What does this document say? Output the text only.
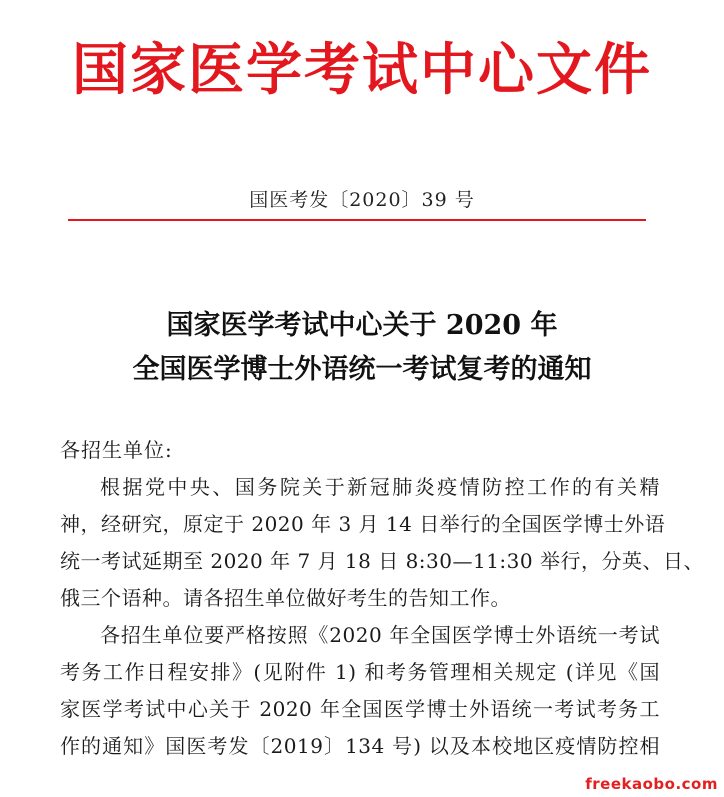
国家医学考试中心文件
国医考发〔2020〕39 号
国家医学考试中心关于 2020 年
全国医学博士外语统一考试复考的通知
各招生单位:
根据党中央、国务院关于新冠肺炎疫情防控工作的有关精
神，经研究，原定于 2020 年 3 月 14 日举行的全国医学博士外语
统一考试延期至 2020 年 7 月 18 日 8:30—11:30 举行，分英、日、
俄三个语种。请各招生单位做好考生的告知工作。
各招生单位要严格按照《2020 年全国医学博士外语统一考试
考务工作日程安排》(见附件 1) 和考务管理相关规定 (详见《国
家医学考试中心关于 2020 年全国医学博士外语统一考试考务工
作的通知》国医考发〔2019〕134 号) 以及本校地区疫情防控相
freekaobo.com
